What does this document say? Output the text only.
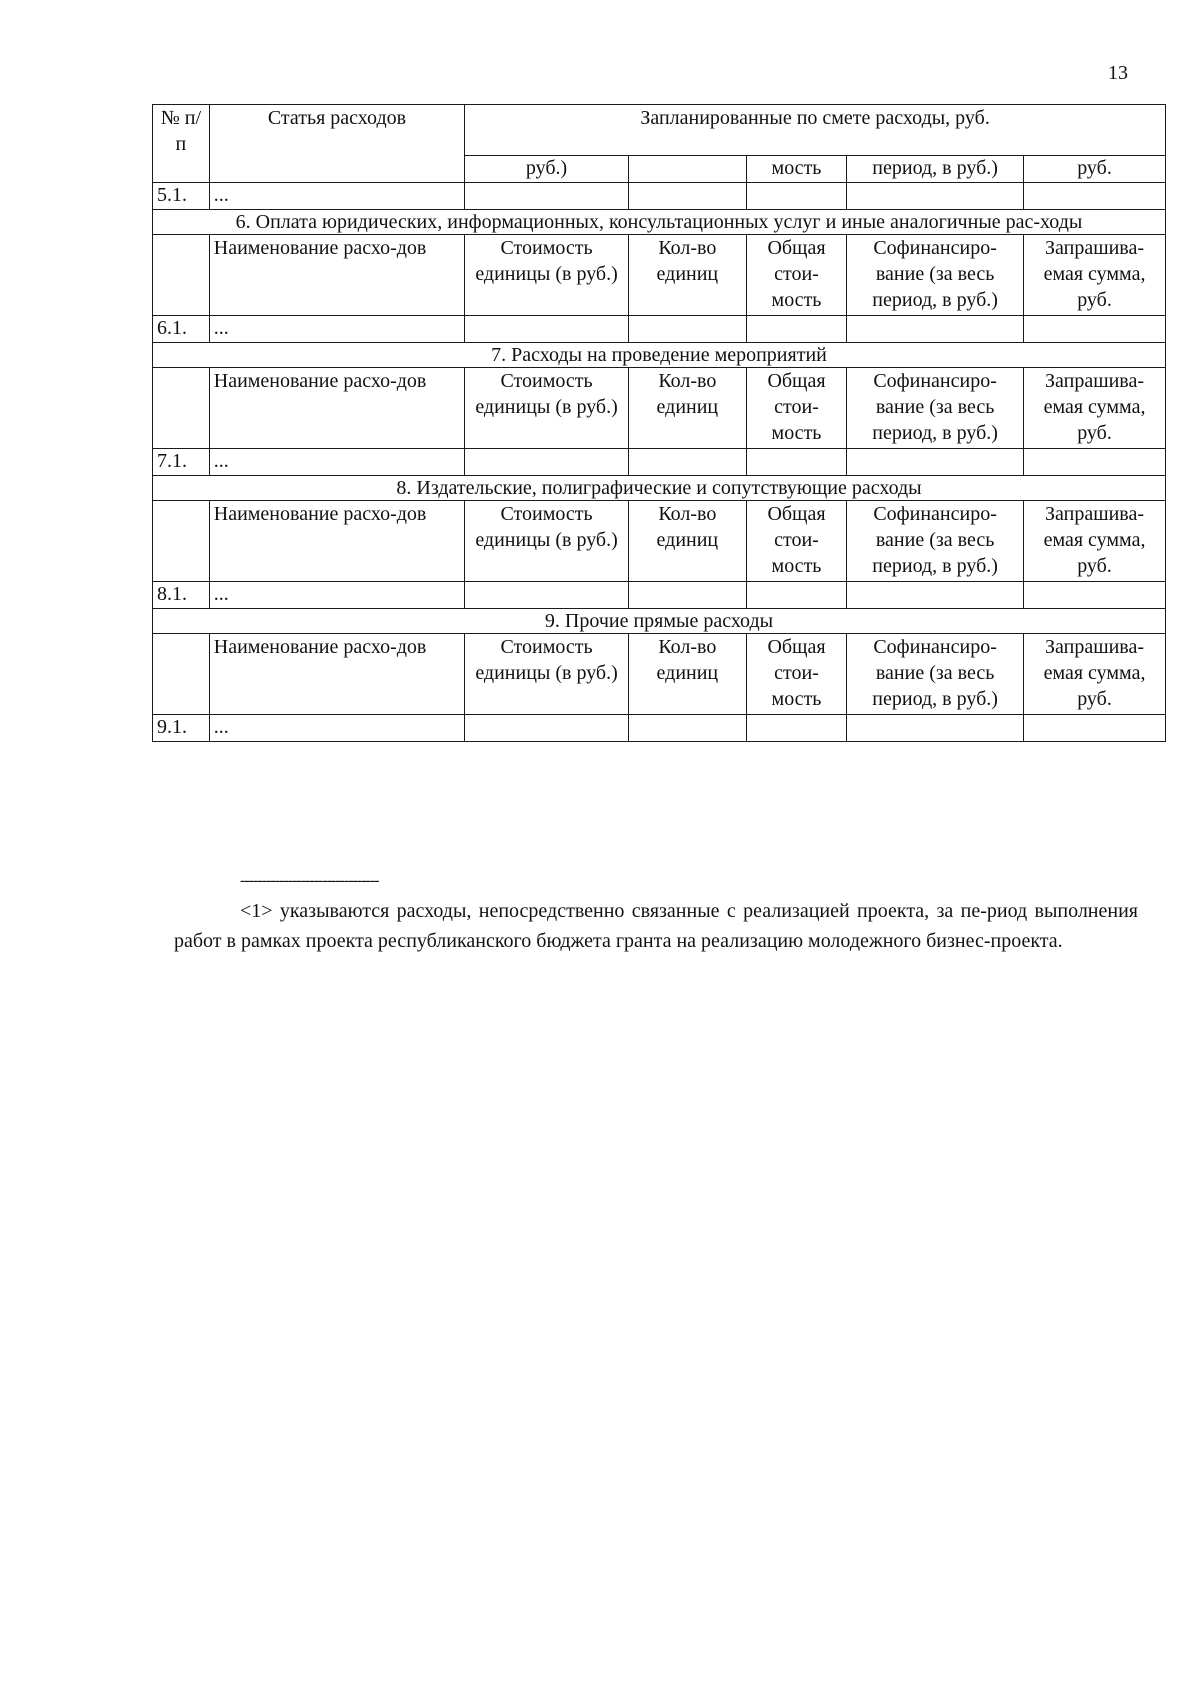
13
№ п/п	Статья расходов	Запланированные по смете расходы, руб.				
		руб.)		мость	период, в руб.)	руб.
5.1.	...					
6. Оплата юридических, информационных, консультационных услуг и иные аналогичные рас-ходы						
	Наименование расхо-дов	Стоимость единицы (в руб.)	Кол-во единиц	Общая стои-мость	Софинансиро-вание (за весь период, в руб.)	Запрашива-емая сумма, руб.
6.1.	...					
7. Расходы на проведение мероприятий						
	Наименование расхо-дов	Стоимость единицы (в руб.)	Кол-во единиц	Общая стои-мость	Софинансиро-вание (за весь период, в руб.)	Запрашива-емая сумма, руб.
7.1.	...					
8. Издательские, полиграфические и сопутствующие расходы						
	Наименование расхо-дов	Стоимость единицы (в руб.)	Кол-во единиц	Общая стои-мость	Софинансиро-вание (за весь период, в руб.)	Запрашива-емая сумма, руб.
8.1.	...					
9. Прочие прямые расходы						
	Наименование расхо-дов	Стоимость единицы (в руб.)	Кол-во единиц	Общая стои-мость	Софинансиро-вание (за весь период, в руб.)	Запрашива-емая сумма, руб.
9.1.	...					
--------------------------------
<1> указываются расходы, непосредственно связанные с реализацией проекта, за пе-риод выполнения работ в рамках проекта республиканского бюджета гранта на реализацию молодежного бизнес-проекта.
